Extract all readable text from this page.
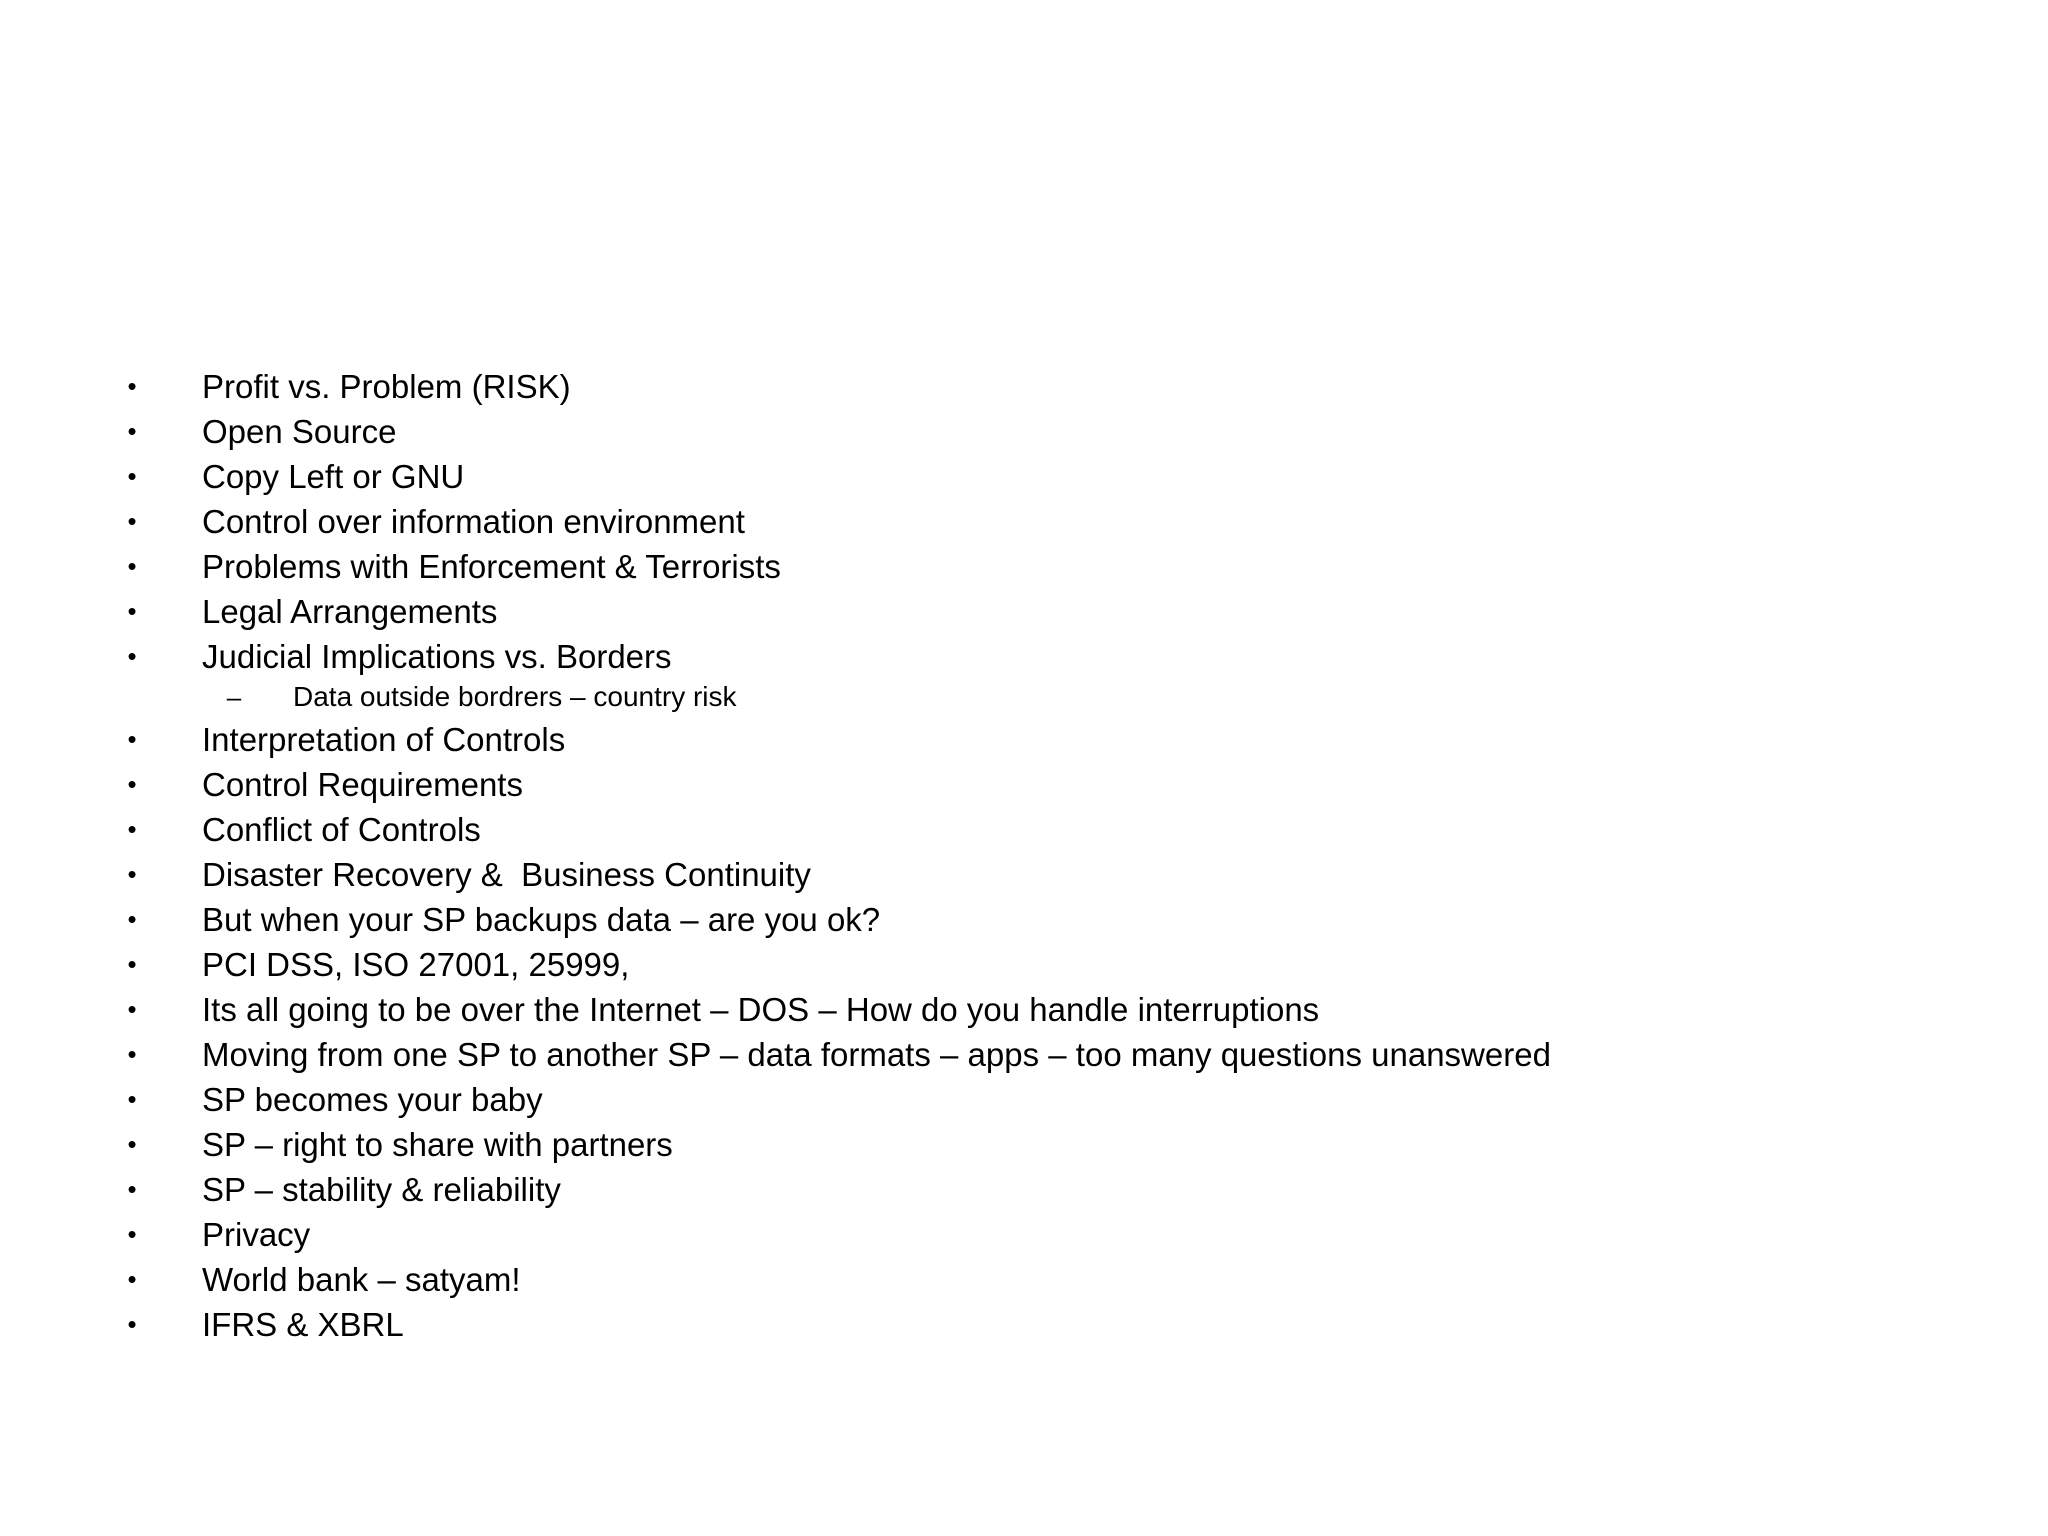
• Profit vs. Problem (RISK)
• Open Source
• Copy Left or GNU
• Control over information environment
• Problems with Enforcement & Terrorists
• Legal Arrangements
• Judicial Implications vs. Borders
– Data outside bordrers – country risk
• Interpretation of Controls
• Control Requirements
• Conflict of Controls
• Disaster Recovery &  Business Continuity
• But when your SP backups data – are you ok?
• PCI DSS, ISO 27001, 25999,
• Its all going to be over the Internet – DOS – How do you handle interruptions
• Moving from one SP to another SP – data formats – apps – too many questions unanswered
• SP becomes your baby
• SP – right to share with partners
• SP – stability & reliability
• Privacy
• World bank – satyam!
• IFRS & XBRL
